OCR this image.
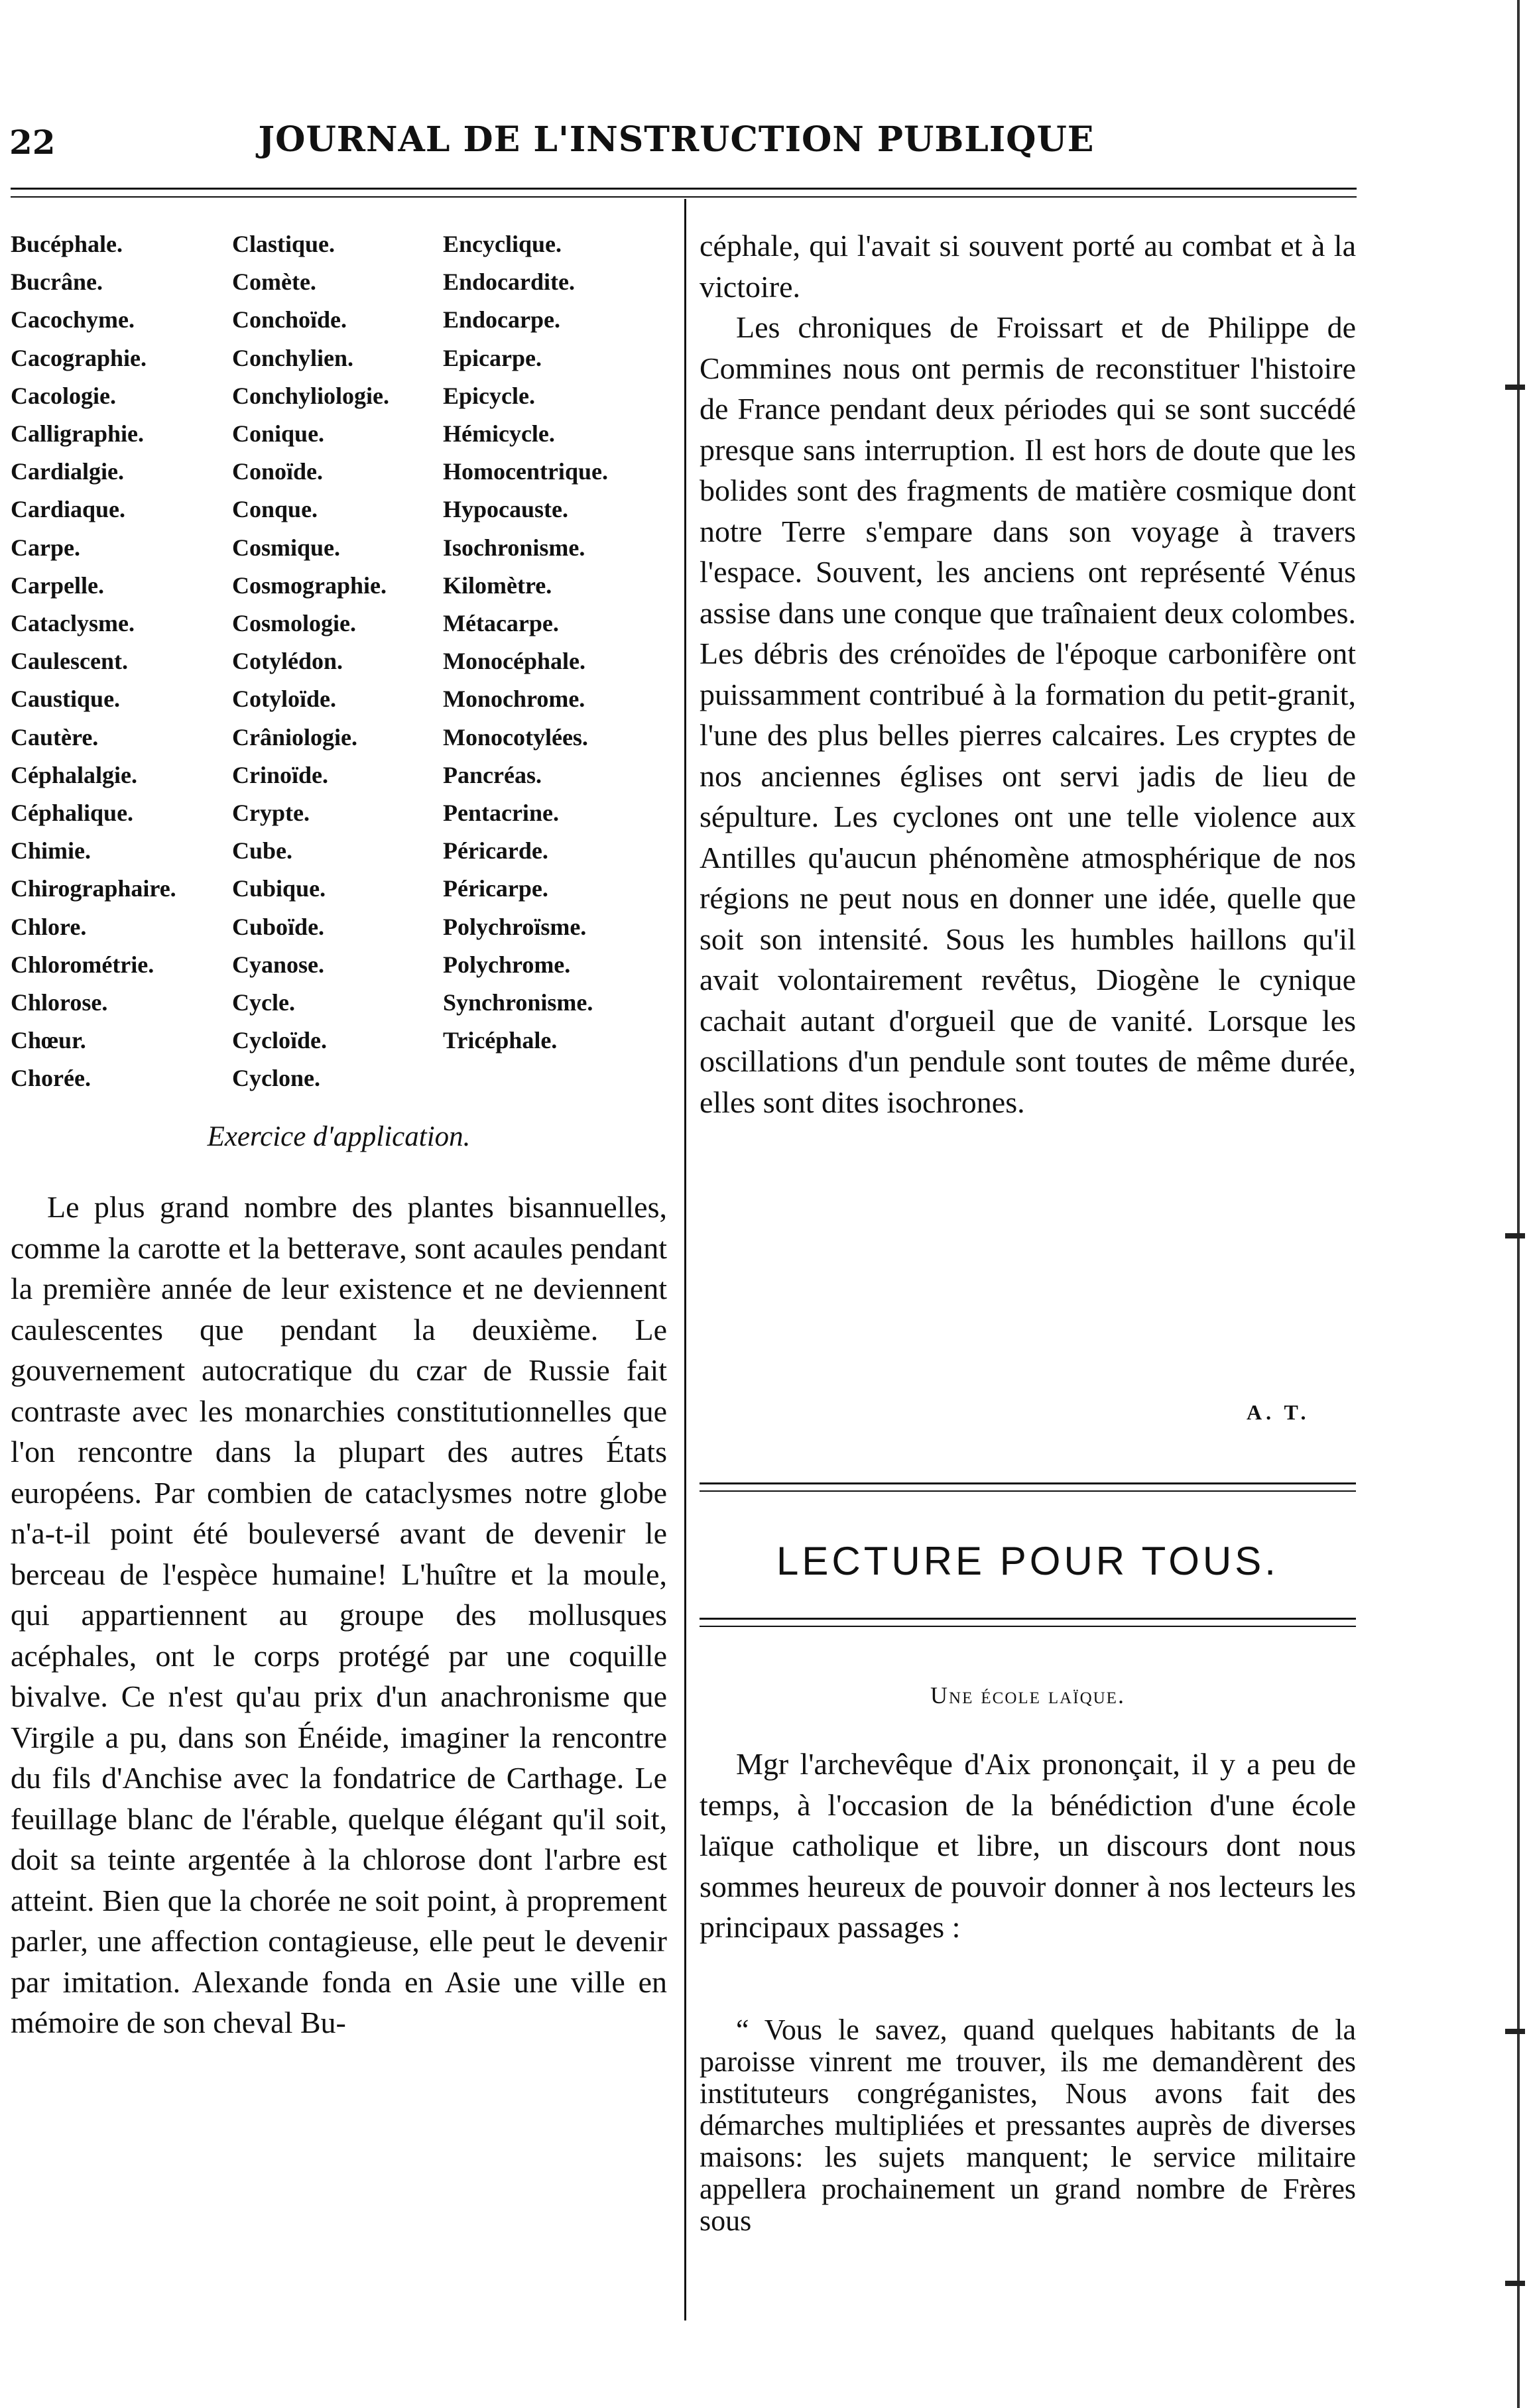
22	JOURNAL DE L'INSTRUCTION PUBLIQUE
Bucéphale.
Bucrâne.
Cacochyme.
Cacographie.
Cacologie.
Calligraphie.
Cardialgie.
Cardiaque.
Carpe.
Carpelle.
Cataclysme.
Caulescent.
Caustique.
Cautère.
Céphalalgie.
Céphalique.
Chimie.
Chirographaire.
Chlore.
Chlorométrie.
Chlorose.
Chœur.
Chorée.
Clastique.
Comète.
Conchoïde.
Conchylien.
Conchyliologie.
Conique.
Conoïde.
Conque.
Cosmique.
Cosmographie.
Cosmologie.
Cotylédon.
Cotyloïde.
Crâniologie.
Crinoïde.
Crypte.
Cube.
Cubique.
Cuboïde.
Cyanose.
Cycle.
Cycloïde.
Cyclone.
Encyclique.
Endocardite.
Endocarpe.
Epicarpe.
Epicycle.
Hémicycle.
Homocentrique.
Hypocauste.
Isochronisme.
Kilomètre.
Métacarpe.
Monocéphale.
Monochrome.
Monocotylées.
Pancréas.
Pentacrine.
Péricarde.
Péricarpe.
Polychroïsme.
Polychrome.
Synchronisme.
Tricéphale.
Exercice d'application.

Le plus grand nombre des plantes bisannuelles, comme la carotte et la betterave, sont acaules pendant la première année de leur existence et ne deviennent caulescentes que pendant la deuxième. Le gouvernement autocratique du czar de Russie fait contraste avec les monarchies constitutionnelles que l'on rencontre dans la plupart des autres États européens. Par combien de cataclysmes notre globe n'a-t-il point été bouleversé avant de devenir le berceau de l'espèce humaine! L'huître et la moule, qui appartiennent au groupe des mollusques acéphales, ont le corps protégé par une coquille bivalve. Ce n'est qu'au prix d'un anachronisme que Virgile a pu, dans son Énéide, imaginer la rencontre du fils d'Anchise avec la fondatrice de Carthage. Le feuillage blanc de l'érable, quelque élégant qu'il soit, doit sa teinte argentée à la chlorose dont l'arbre est atteint. Bien que la chorée ne soit point, à proprement parler, une affection contagieuse, elle peut le devenir par imitation. Alexande fonda en Asie une ville en mémoire de son cheval Bu-

céphale, qui l'avait si souvent porté au combat et à la victoire.

Les chroniques de Froissart et de Philippe de Commines nous ont permis de reconstituer l'histoire de France pendant deux périodes qui se sont succédé presque sans interruption. Il est hors de doute que les bolides sont des fragments de matière cosmique dont notre Terre s'empare dans son voyage à travers l'espace. Souvent, les anciens ont représenté Vénus assise dans une conque que traînaient deux colombes. Les débris des crénoïdes de l'époque carbonifère ont puissamment contribué à la formation du petit-granit, l'une des plus belles pierres calcaires. Les cryptes de nos anciennes églises ont servi jadis de lieu de sépulture. Les cyclones ont une telle violence aux Antilles qu'aucun phénomène atmosphérique de nos régions ne peut nous en donner une idée, quelle que soit son intensité. Sous les humbles haillons qu'il avait volontairement revêtus, Diogène le cynique cachait autant d'orgueil que de vanité. Lorsque les oscillations d'un pendule sont toutes de même durée, elles sont dites isochrones.

A. T.
LECTURE POUR TOUS.
Une école laïque.

Mgr l'archevêque d'Aix prononçait, il y a peu de temps, à l'occasion de la bénédiction d'une école laïque catholique et libre, un discours dont nous sommes heureux de pouvoir donner à nos lecteurs les principaux passages :

“ Vous le savez, quand quelques habitants de la paroisse vinrent me trouver, ils me demandèrent des instituteurs congréganistes, Nous avons fait des démarches multipliées et pressantes auprès de diverses maisons: les sujets manquent; le service militaire appellera prochainement un grand nombre de Frères sous
